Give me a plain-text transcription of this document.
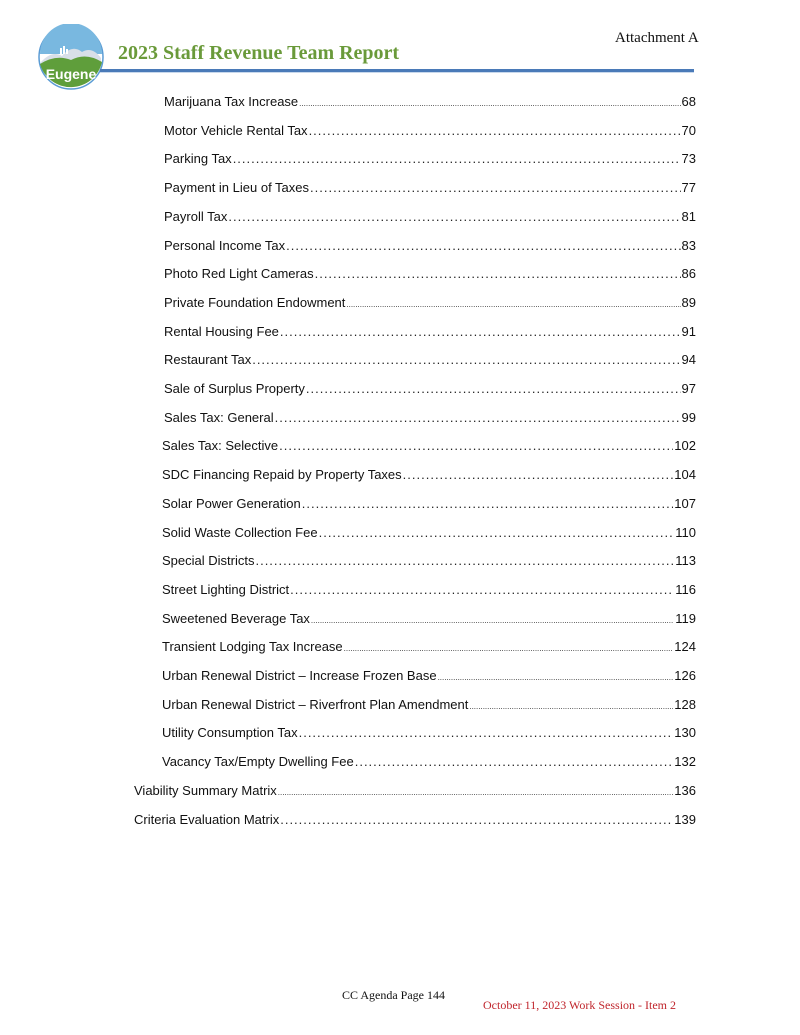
Attachment A
Eugene
2023 Staff Revenue Team Report
Marijuana Tax Increase .....	68
Motor Vehicle Rental Tax .....	70
Parking Tax .....	73
Payment in Lieu of Taxes .....	77
Payroll Tax .....	81
Personal Income Tax .....	83
Photo Red Light Cameras .....	86
Private Foundation Endowment .....	89
Rental Housing Fee .....	91
Restaurant Tax .....	94
Sale of Surplus Property .....	97
Sales Tax: General .....	99
Sales Tax: Selective .....	102
SDC Financing Repaid by Property Taxes .....	104
Solar Power Generation .....	107
Solid Waste Collection Fee .....	110
Special Districts .....	113
Street Lighting District .....	116
Sweetened Beverage Tax .....	119
Transient Lodging Tax Increase .....	124
Urban Renewal District – Increase Frozen Base .....	126
Urban Renewal District – Riverfront Plan Amendment .....	128
Utility Consumption Tax .....	130
Vacancy Tax/Empty Dwelling Fee .....	132
Viability Summary Matrix .....	136
Criteria Evaluation Matrix .....	139
CC Agenda Page 144
October 11, 2023 Work Session - Item 2
